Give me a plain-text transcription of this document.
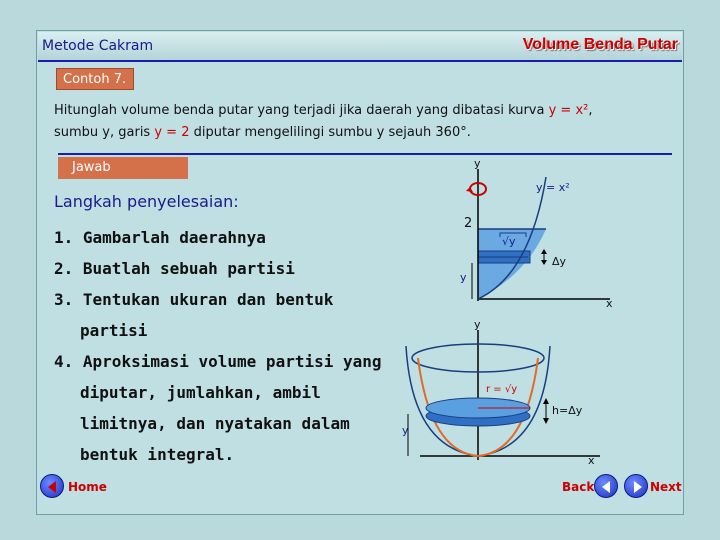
Metode Cakram	Volume Benda Putar
Contoh 7.
Hitunglah volume benda putar yang terjadi jika daerah yang dibatasi kurva y = x²,
sumbu y, garis y = 2 diputar mengelilingi sumbu y sejauh 360°.
Jawab
Langkah penyelesaian:
1. Gambarlah daerahnya
2. Buatlah sebuah partisi
3. Tentukan ukuran dan bentuk
partisi
4. Aproksimasi volume partisi yang
diputar, jumlahkan, ambil
limitnya, dan nyatakan dalam
bentuk integral.
y
x
y = x²
2
√y
Δy
y
y
x
r = √y
h=Δy
y
Home	Back	Next
